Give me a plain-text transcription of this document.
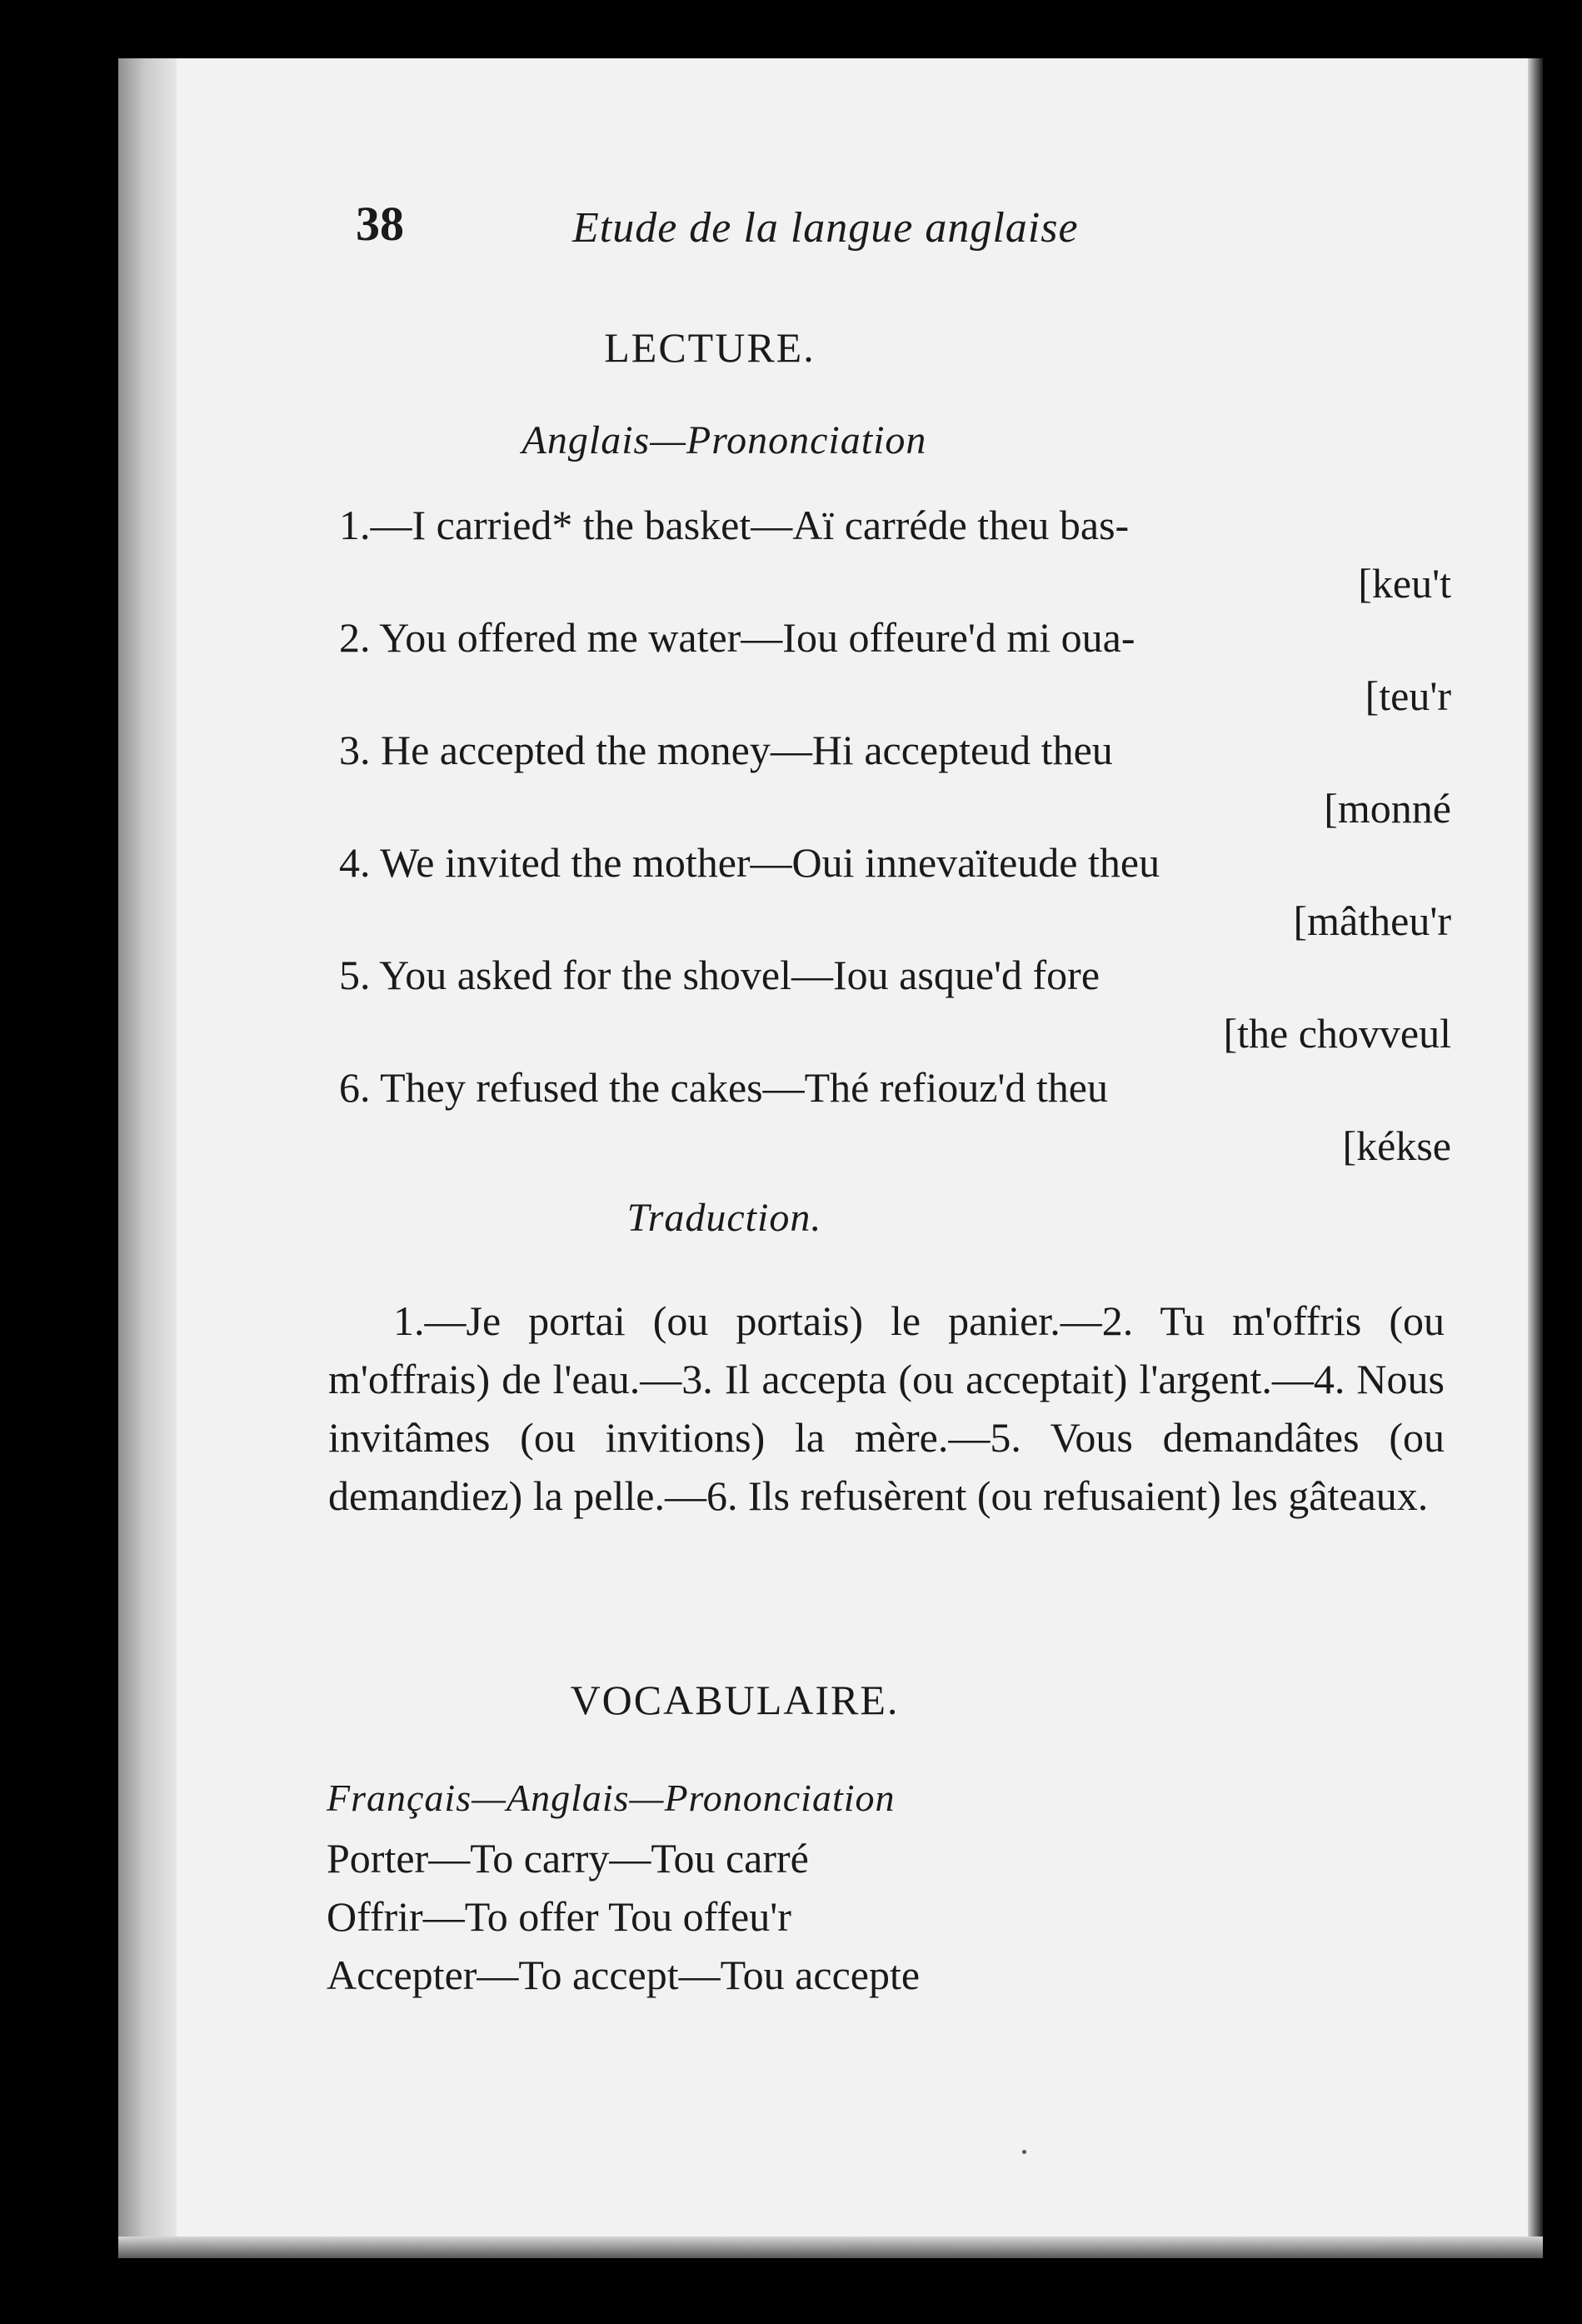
38	Etude de la langue anglaise
LECTURE.
Anglais—Prononciation
1.—I carried* the basket—Aï carréde theu bas-
[keu't
2. You offered me water—Iou offeure'd mi oua-
[teu'r
3. He accepted the money—Hi accepteud theu
[monné
4. We invited the mother—Oui innevaïteude theu
[mâtheu'r
5. You asked for the shovel—Iou asque'd fore
[the chovveul
6. They refused the cakes—Thé refiouz'd theu
[kékse
Traduction.
1.—Je portai (ou portais) le panier.—2. Tu m'offris (ou m'offrais) de l'eau.—3. Il accepta (ou acceptait) l'argent.—4. Nous invitâmes (ou invitions) la mère.—5. Vous demandâtes (ou demandiez) la pelle.—6. Ils refusèrent (ou refusaient) les gâteaux.
VOCABULAIRE.
Français—Anglais—Prononciation
Porter—To carry—Tou carré
Offrir—To offer Tou offeu'r
Accepter—To accept—Tou accepte
